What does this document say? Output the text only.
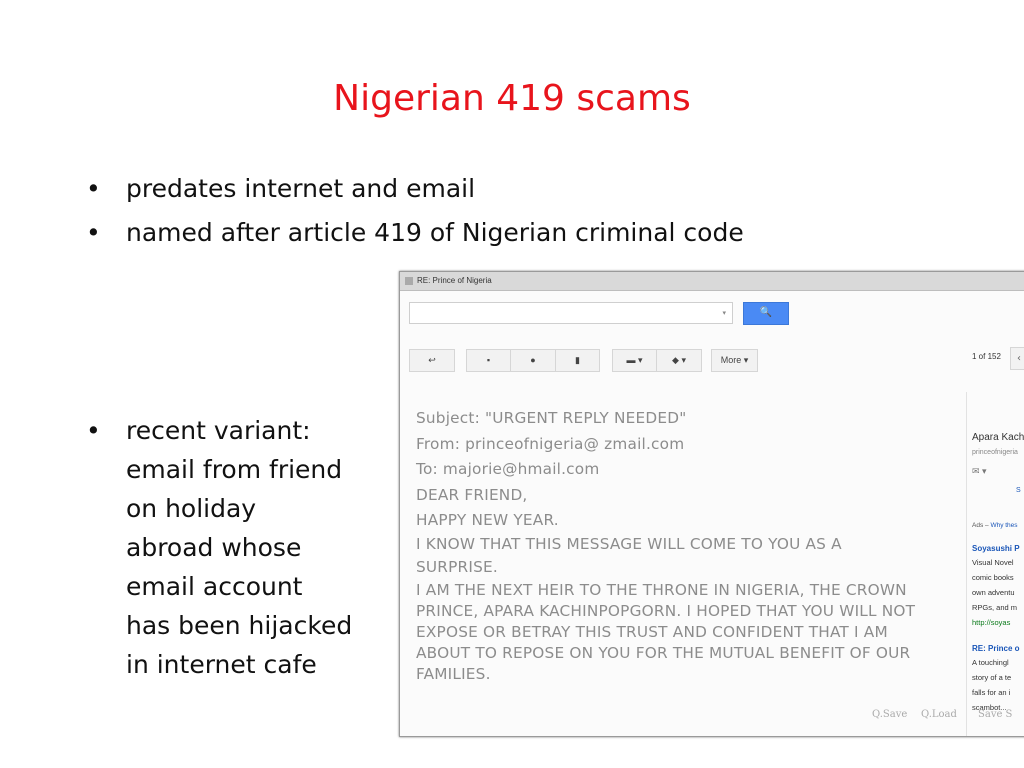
Nigerian 419 scams
• predates internet and email
• named after article 419 of Nigerian criminal code
• recent variant:
email from friend
on holiday
abroad whose
email account
has been hijacked
in internet cafe
RE: Prince of Nigeria
▾	🔍
↩	▪	●	▮	▬ ▾	◆ ▾	More ▾	1 of 152	‹
Subject: "URGENT REPLY NEEDED"
From: princeofnigeria@ zmail.com
To: majorie@hmail.com
DEAR FRIEND,
HAPPY NEW YEAR.
I KNOW THAT THIS MESSAGE WILL COME TO YOU AS A
SURPRISE.
I AM THE NEXT HEIR TO THE THRONE IN NIGERIA, THE CROWN
PRINCE, APARA KACHINPOPGORN. I HOPED THAT YOU WILL NOT
EXPOSE OR BETRAY THIS TRUST AND CONFIDENT THAT I AM
ABOUT TO REPOSE ON YOU FOR THE MUTUAL BENEFIT OF OUR
FAMILIES.
Apara Kach
princeofnigeria
✉ ▾
S
Ads – Why thes
Soyasushi P
Visual Novel
comic books
own adventu
RPGs, and m
http://soyas
RE: Prince o
A touchingl
story of a te
falls for an i
scambot...
Q.Save Q.Load Save S
